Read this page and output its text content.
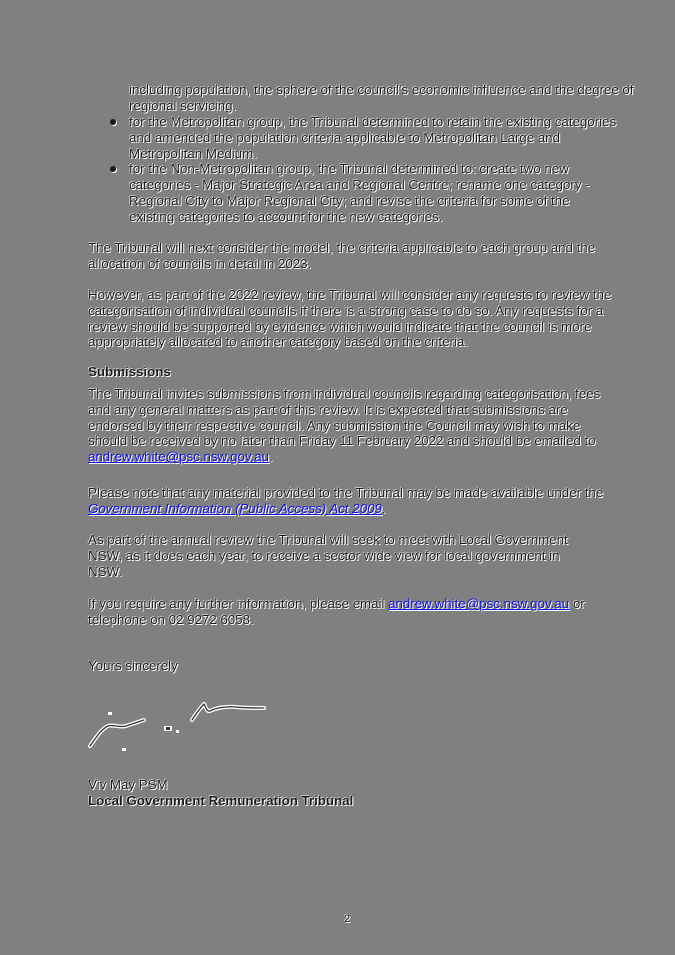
including population, the sphere of the council's economic influence and the degree of regional servicing.
for the Metropolitan group, the Tribunal determined to retain the existing categories and amended the population criteria applicable to Metropolitan Large and Metropolitan Medium.
for the Non-Metropolitan group, the Tribunal determined to: create two new categories - Major Strategic Area and Regional Centre; rename one category - Regional City to Major Regional City; and revise the criteria for some of the existing categories to account for the new categories.

The Tribunal will next consider the model, the criteria applicable to each group and the allocation of councils in detail in 2023.

However, as part of the 2022 review, the Tribunal will consider any requests to review the categorisation of individual councils if there is a strong case to do so. Any requests for a review should be supported by evidence which would indicate that the council is more appropriately allocated to another category based on the criteria.

Submissions

The Tribunal invites submissions from individual councils regarding categorisation, fees and any general matters as part of this review. It is expected that submissions are endorsed by their respective council. Any submission the Council may wish to make should be received by no later than Friday 11 February 2022 and should be emailed to andrew.white@psc.nsw.gov.au.

Please note that any material provided to the Tribunal may be made available under the Government Information (Public Access) Act 2009.

As part of the annual review the Tribunal will seek to meet with Local Government NSW, as it does each year, to receive a sector wide view for local government in NSW.

If you require any further information, please email andrew.white@psc.nsw.gov.au or telephone on 02 9272 6058.

Yours sincerely

Viv May PSM

Local Government Remuneration Tribunal

2
